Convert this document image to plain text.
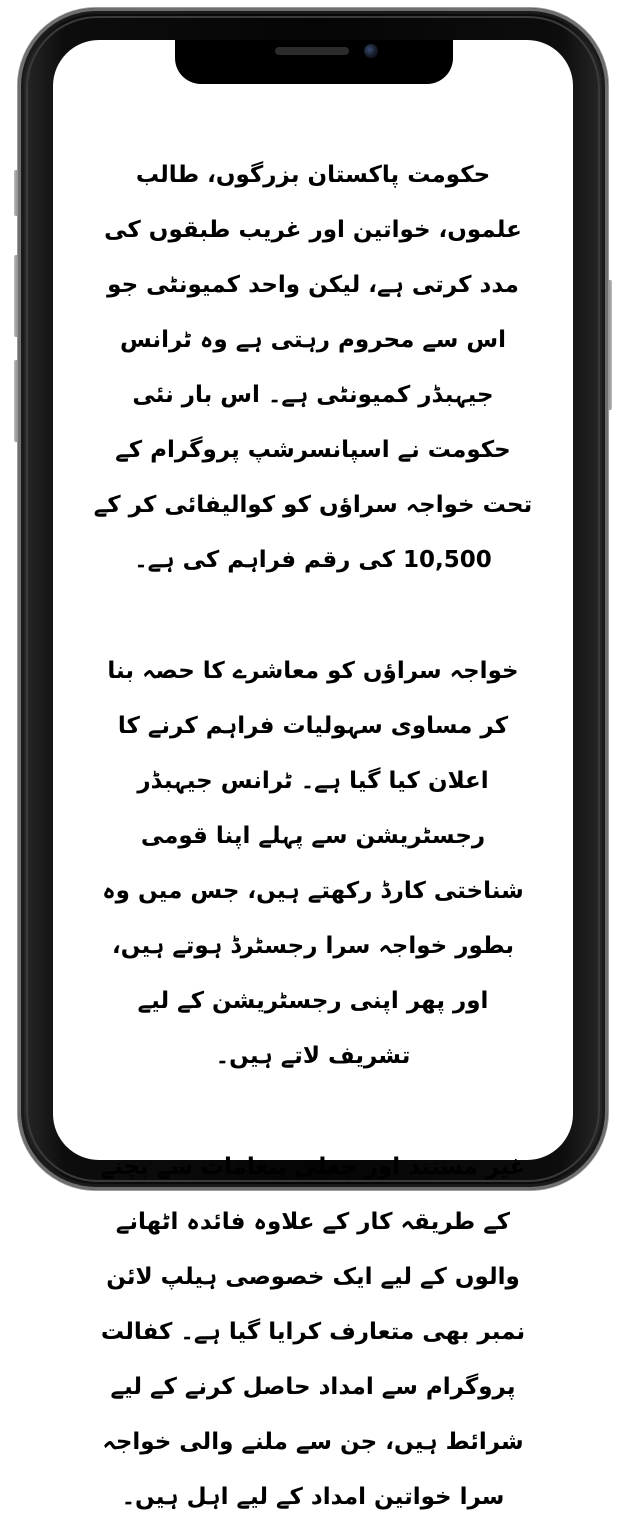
حکومت پاکستان بزرگوں، طالب علموں، خواتین اور غریب طبقوں کی مدد کرتی ہے، لیکن واحد کمیونٹی جو اس سے محروم رہتی ہے وہ ٹرانس جیہبڈر کمیونٹی ہے۔ اس بار نئی حکومت نے اسپانسرشپ پروگرام کے تحت خواجہ سراؤں کو کوالیفائی کر کے 10,500 کی رقم فراہم کی ہے۔

خواجہ سراؤں کو معاشرے کا حصہ بنا کر مساوی سہولیات فراہم کرنے کا اعلان کیا گیا ہے۔ ٹرانس جیہبڈر رجسٹریشن سے پہلے اپنا قومی شناختی کارڈ رکھتے ہیں، جس میں وہ بطور خواجہ سرا رجسٹرڈ ہوتے ہیں، اور پھر اپنی رجسٹریشن کے لیے تشریف لاتے ہیں۔

غیر مستند اور جعلی پیغامات سے بچنے کے طریقہ کار کے علاوہ فائدہ اٹھانے والوں کے لیے ایک خصوصی ہیلپ لائن نمبر بھی متعارف کرایا گیا ہے۔ کفالت پروگرام سے امداد حاصل کرنے کے لیے شرائط ہیں، جن سے ملنے والی خواجہ سرا خواتین امداد کے لیے اہل ہیں۔
